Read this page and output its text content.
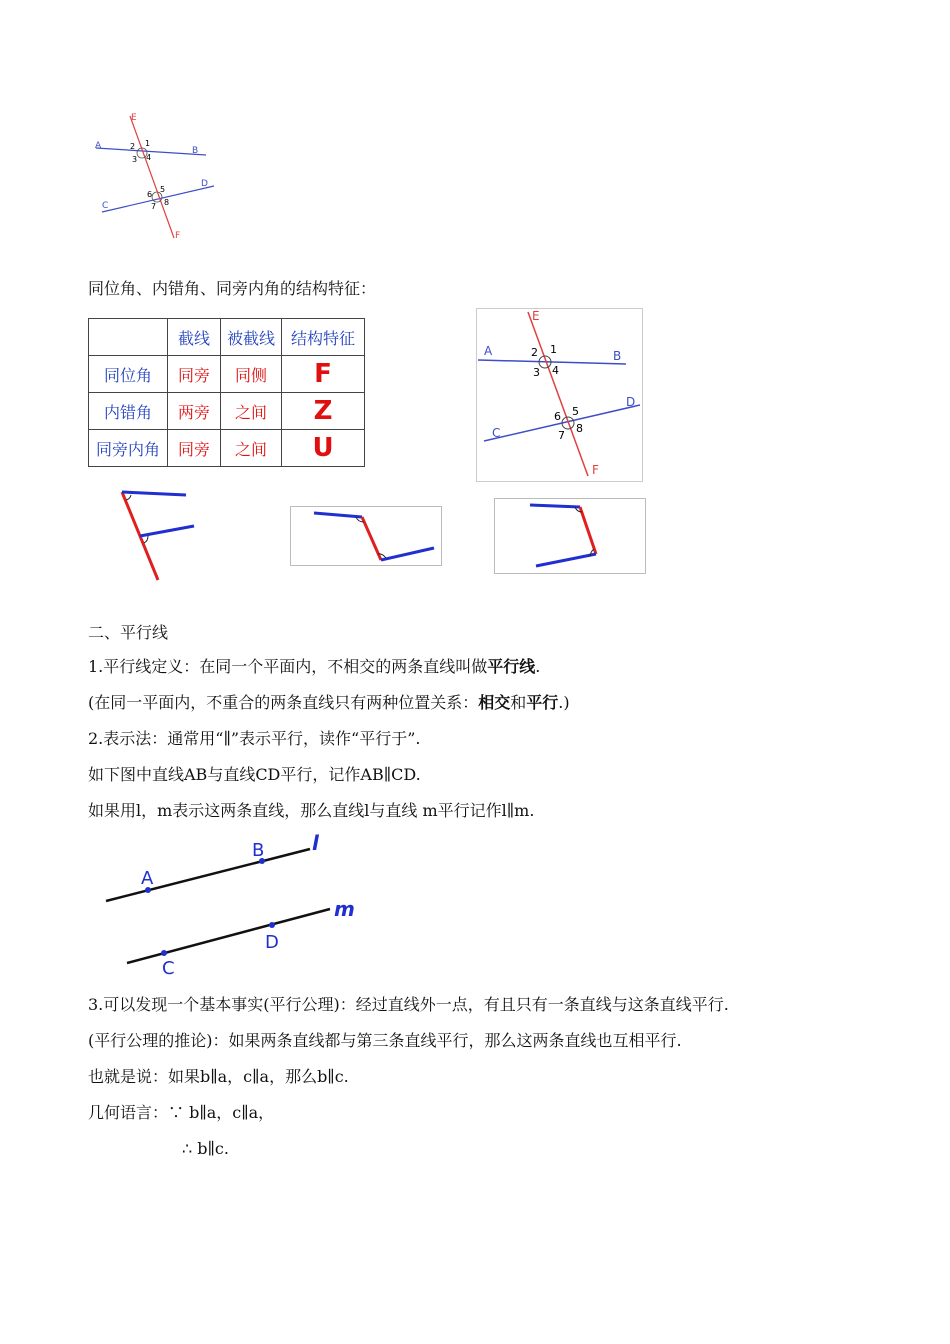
A	B
C
D
E
F
1
2
3 4
5
6
7 8
同位角、内错角、同旁内角的结构特征：
	截线	被截线	结构特征
同位角	同旁	同侧	F
内错角	两旁	之间	Z
同旁内角	同旁	之间	U
A	B
C
D
E
F
1
2
3 4
5
6
7
8
二、平行线
1.平行线定义：在同一个平面内，不相交的两条直线叫做平行线.
(在同一平面内，不重合的两条直线只有两种位置关系：相交和平行.)
2.表示法：通常用“∥”表示平行，读作“平行于”.
如下图中直线AB与直线CD平行，记作AB∥CD.
如果用l，m表示这两条直线，那么直线l与直线 m平行记作l∥m.
A
B
C
D
l
m
3.可以发现一个基本事实(平行公理)：经过直线外一点，有且只有一条直线与这条直线平行.
(平行公理的推论)：如果两条直线都与第三条直线平行，那么这两条直线也互相平行.
也就是说：如果b∥a，c∥a，那么b∥c.
几何语言：∵ b∥a，c∥a，
∴ b∥c.
